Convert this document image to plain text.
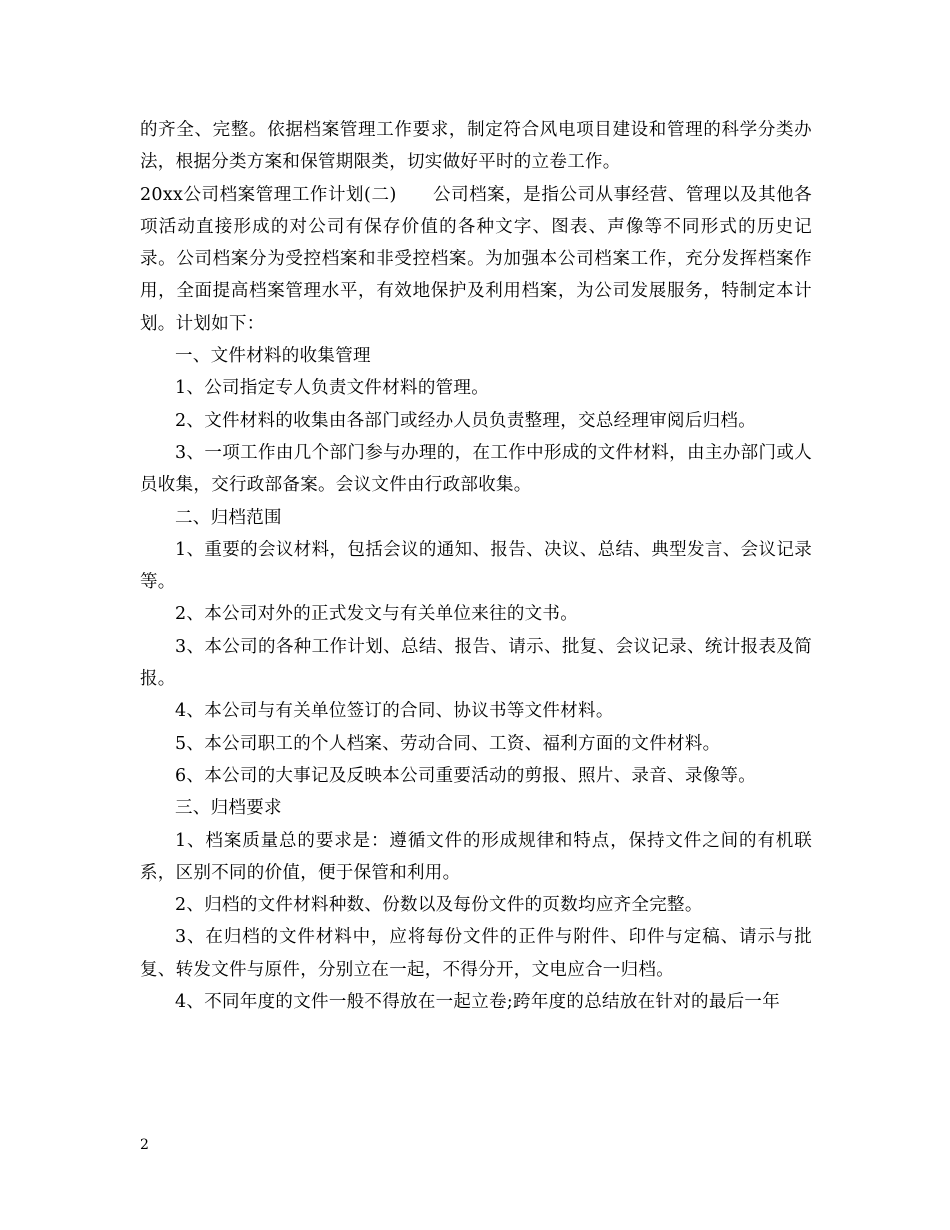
的齐全、完整。依据档案管理工作要求，制定符合风电项目建设和管理的科学分类办法，根据分类方案和保管期限类，切实做好平时的立卷工作。

20xx公司档案管理工作计划(二)　　公司档案，是指公司从事经营、管理以及其他各项活动直接形成的对公司有保存价值的各种文字、图表、声像等不同形式的历史记录。公司档案分为受控档案和非受控档案。为加强本公司档案工作，充分发挥档案作用，全面提高档案管理水平，有效地保护及利用档案，为公司发展服务，特制定本计划。计划如下：

一、文件材料的收集管理

1、公司指定专人负责文件材料的管理。

2、文件材料的收集由各部门或经办人员负责整理，交总经理审阅后归档。

3、一项工作由几个部门参与办理的，在工作中形成的文件材料，由主办部门或人员收集，交行政部备案。会议文件由行政部收集。

二、归档范围

1、重要的会议材料，包括会议的通知、报告、决议、总结、典型发言、会议记录等。

2、本公司对外的正式发文与有关单位来往的文书。

3、本公司的各种工作计划、总结、报告、请示、批复、会议记录、统计报表及简报。

4、本公司与有关单位签订的合同、协议书等文件材料。

5、本公司职工的个人档案、劳动合同、工资、福利方面的文件材料。

6、本公司的大事记及反映本公司重要活动的剪报、照片、录音、录像等。

三、归档要求

1、档案质量总的要求是：遵循文件的形成规律和特点，保持文件之间的有机联系，区别不同的价值，便于保管和利用。

2、归档的文件材料种数、份数以及每份文件的页数均应齐全完整。

3、在归档的文件材料中，应将每份文件的正件与附件、印件与定稿、请示与批复、转发文件与原件，分别立在一起，不得分开，文电应合一归档。

4、不同年度的文件一般不得放在一起立卷;跨年度的总结放在针对的最后一年

2
